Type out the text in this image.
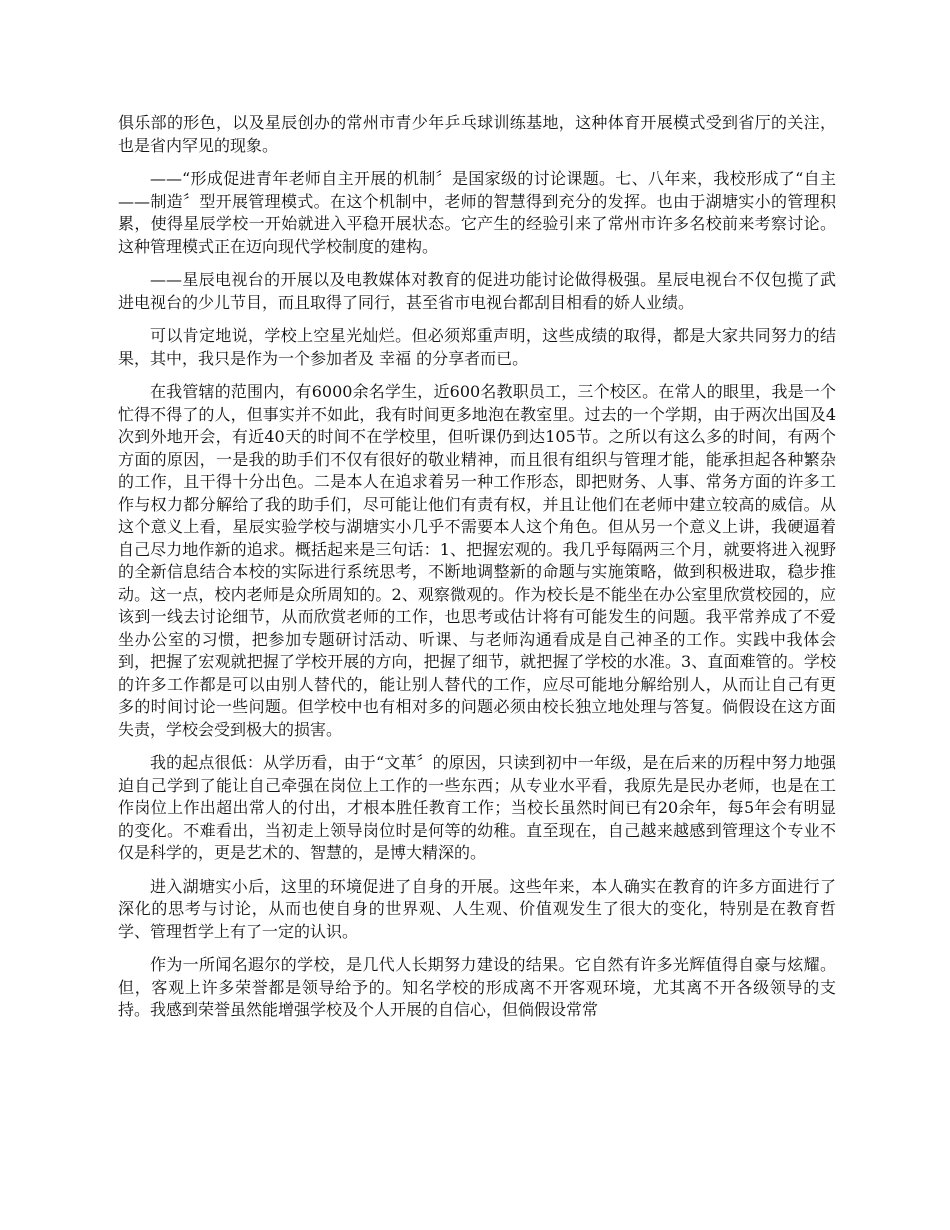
俱乐部的形色，以及星辰创办的常州市青少年乒乓球训练基地，这种体育开展模式受到省厅的关注，也是省内罕见的现象。

——“形成促进青年老师自主开展的机制〞是国家级的讨论课题。七、八年来，我校形成了“自主——制造〞型开展管理模式。在这个机制中，老师的智慧得到充分的发挥。也由于湖塘实小的管理积累，使得星辰学校一开始就进入平稳开展状态。它产生的经验引来了常州市许多名校前来考察讨论。这种管理模式正在迈向现代学校制度的建构。

——星辰电视台的开展以及电教媒体对教育的促进功能讨论做得极强。星辰电视台不仅包揽了武进电视台的少儿节目，而且取得了同行，甚至省市电视台都刮目相看的娇人业绩。

可以肯定地说，学校上空星光灿烂。但必须郑重声明，这些成绩的取得，都是大家共同努力的结果，其中，我只是作为一个参加者及 幸福 的分享者而已。

在我管辖的范围内，有6000余名学生，近600名教职员工，三个校区。在常人的眼里，我是一个忙得不得了的人，但事实并不如此，我有时间更多地泡在教室里。过去的一个学期，由于两次出国及4次到外地开会，有近40天的时间不在学校里，但听课仍到达105节。之所以有这么多的时间，有两个方面的原因，一是我的助手们不仅有很好的敬业精神，而且很有组织与管理才能，能承担起各种繁杂的工作，且干得十分出色。二是本人在追求着另一种工作形态，即把财务、人事、常务方面的许多工作与权力都分解给了我的助手们，尽可能让他们有责有权，并且让他们在老师中建立较高的威信。从这个意义上看，星辰实验学校与湖塘实小几乎不需要本人这个角色。但从另一个意义上讲，我硬逼着自己尽力地作新的追求。概括起来是三句话：1、把握宏观的。我几乎每隔两三个月，就要将进入视野的全新信息结合本校的实际进行系统思考，不断地调整新的命题与实施策略，做到积极进取，稳步推动。这一点，校内老师是众所周知的。2、观察微观的。作为校长是不能坐在办公室里欣赏校园的，应该到一线去讨论细节，从而欣赏老师的工作，也思考或估计将有可能发生的问题。我平常养成了不爱坐办公室的习惯，把参加专题研讨活动、听课、与老师沟通看成是自己神圣的工作。实践中我体会到，把握了宏观就把握了学校开展的方向，把握了细节，就把握了学校的水准。3、直面难管的。学校的许多工作都是可以由别人替代的，能让别人替代的工作，应尽可能地分解给别人，从而让自己有更多的时间讨论一些问题。但学校中也有相对多的问题必须由校长独立地处理与答复。倘假设在这方面失责，学校会受到极大的损害。

我的起点很低：从学历看，由于“文革〞的原因，只读到初中一年级，是在后来的历程中努力地强迫自己学到了能让自己牵强在岗位上工作的一些东西；从专业水平看，我原先是民办老师，也是在工作岗位上作出超出常人的付出，才根本胜任教育工作；当校长虽然时间已有20余年，每5年会有明显的变化。不难看出，当初走上领导岗位时是何等的幼稚。直至现在，自己越来越感到管理这个专业不仅是科学的，更是艺术的、智慧的，是博大精深的。

进入湖塘实小后，这里的环境促进了自身的开展。这些年来，本人确实在教育的许多方面进行了深化的思考与讨论，从而也使自身的世界观、人生观、价值观发生了很大的变化，特别是在教育哲学、管理哲学上有了一定的认识。

作为一所闻名遐尔的学校，是几代人长期努力建设的结果。它自然有许多光辉值得自豪与炫耀。但，客观上许多荣誉都是领导给予的。知名学校的形成离不开客观环境，尤其离不开各级领导的支持。我感到荣誉虽然能增强学校及个人开展的自信心，但倘假设常常
